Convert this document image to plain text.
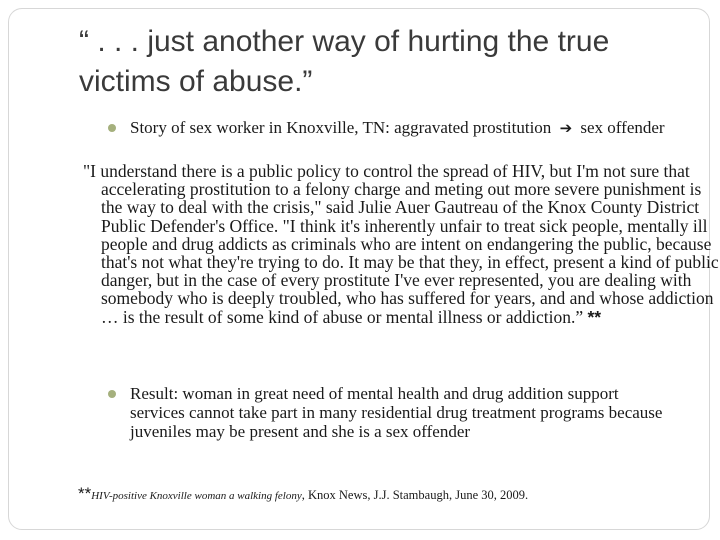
“ . . . just another way of hurting the true victims of abuse.”
Story of sex worker in Knoxville, TN: aggravated prostitution ➔ sex offender

"I understand there is a public policy to control the spread of HIV, but I'm not sure that accelerating prostitution to a felony charge and meting out more severe punishment is the way to deal with the crisis," said Julie Auer Gautreau of the Knox County District Public Defender's Office. "I think it's inherently unfair to treat sick people, mentally ill people and drug addicts as criminals who are intent on endangering the public, because that's not what they're trying to do. It may be that they, in effect, present a kind of public danger, but in the case of every prostitute I've ever represented, you are dealing with somebody who is deeply troubled, who has suffered for years, and and whose addiction … is the result of some kind of abuse or mental illness or addiction.” **

Result: woman in great need of mental health and drug addition support services cannot take part in many residential drug treatment programs because juveniles may be present and she is a sex offender
**HIV-positive Knoxville woman a walking felony, Knox News, J.J. Stambaugh, June 30, 2009.
